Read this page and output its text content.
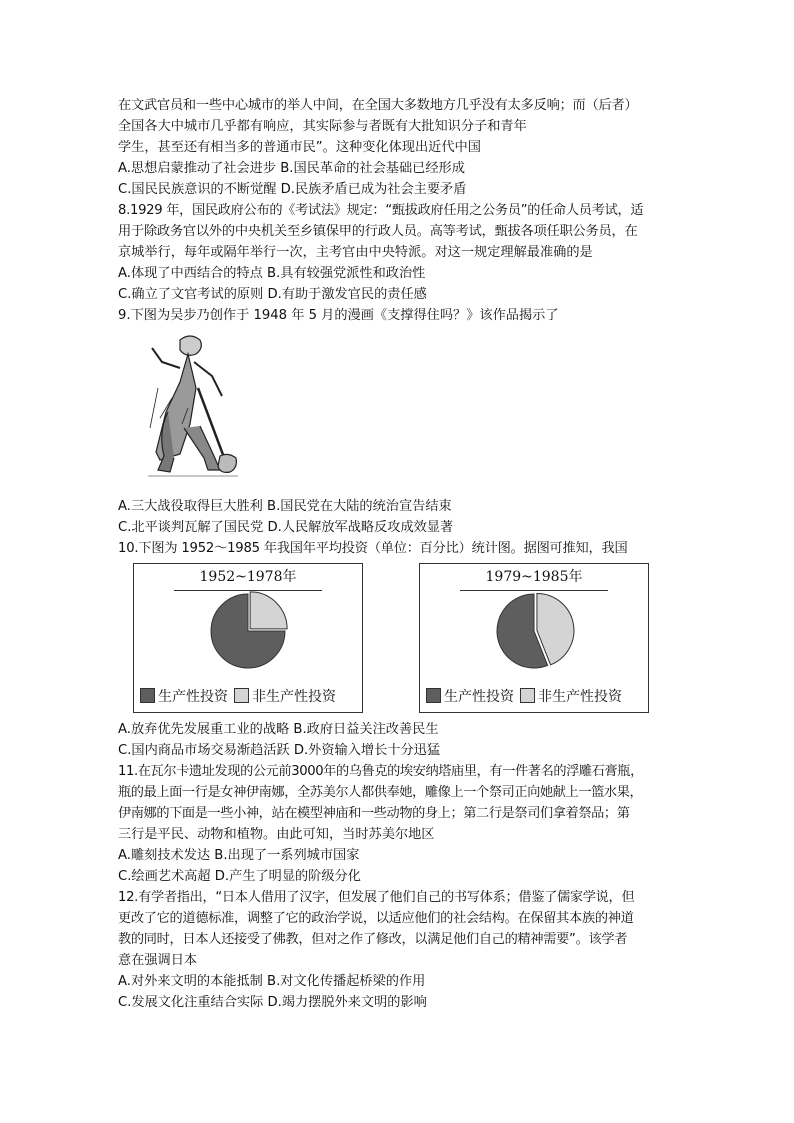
在文武官员和一些中心城市的举人中间，在全国大多数地方几乎没有太多反响；而（后者）
全国各大中城市几乎都有响应，其实际参与者既有大批知识分子和青年
学生，甚至还有相当多的普通市民”。这种变化体现出近代中国
A.思想启蒙推动了社会进步 B.国民革命的社会基础已经形成
C.国民民族意识的不断觉醒 D.民族矛盾已成为社会主要矛盾
8.1929 年，国民政府公布的《考试法》规定：“甄拔政府任用之公务员”的任命人员考试，适
用于除政务官以外的中央机关至乡镇保甲的行政人员。高等考试，甄拔各项任职公务员，在
京城举行，每年或隔年举行一次，主考官由中央特派。对这一规定理解最准确的是
A.体现了中西结合的特点 B.具有较强党派性和政治性
C.确立了文官考试的原则 D.有助于激发官民的责任感
9.下图为吴步乃创作于 1948 年 5 月的漫画《支撑得住吗？》该作品揭示了
A.三大战役取得巨大胜利 B.国民党在大陆的统治宣告结束
C.北平谈判瓦解了国民党 D.人民解放军战略反攻成效显著
10.下图为 1952～1985 年我国年平均投资（单位：百分比）统计图。据图可推知，我国
1952~1978年
生产性投资	非生产性投资
1979~1985年
生产性投资	非生产性投资
A.放弃优先发展重工业的战略 B.政府日益关注改善民生
C.国内商品市场交易渐趋活跃 D.外资输入增长十分迅猛
11.在瓦尔卡遗址发现的公元前3000年的乌鲁克的埃安纳塔庙里，有一件著名的浮雕石膏瓶，
瓶的最上面一行是女神伊南娜，全苏美尔人都供奉她，雕像上一个祭司正向她献上一篮水果，
伊南娜的下面是一些小神，站在模型神庙和一些动物的身上；第二行是祭司们拿着祭品；第
三行是平民、动物和植物。由此可知，当时苏美尔地区
A.雕刻技术发达 B.出现了一系列城市国家
C.绘画艺术高超 D.产生了明显的阶级分化
12.有学者指出，“日本人借用了汉字，但发展了他们自己的书写体系；借鉴了儒家学说，但
更改了它的道德标准，调整了它的政治学说，以适应他们的社会结构。在保留其本族的神道
教的同时，日本人还接受了佛教，但对之作了修改，以满足他们自己的精神需要”。该学者
意在强调日本
A.对外来文明的本能抵制 B.对文化传播起桥梁的作用
C.发展文化注重结合实际 D.竭力摆脱外来文明的影响
